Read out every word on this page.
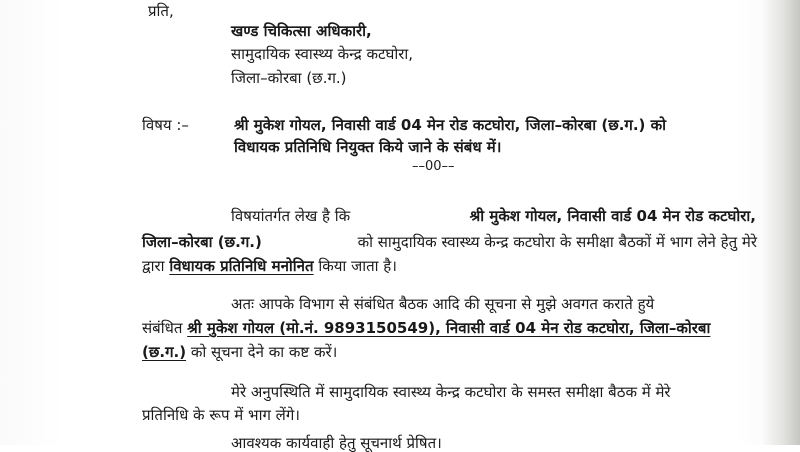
प्रति,
खण्ड चिकित्सा अधिकारी,
सामुदायिक स्वास्थ्य केन्द्र कटघोरा,
जिला–कोरबा (छ.ग.)
विषय :–	श्री मुकेश गोयल, निवासी वार्ड 04 मेन रोड कटघोरा, जिला–कोरबा (छ.ग.) को
विधायक प्रतिनिधि नियुक्त किये जाने के संबंध में।
––00––
विषयांतर्गत लेख है कि	श्री मुकेश गोयल, निवासी वार्ड 04 मेन रोड कटघोरा,
जिला–कोरबा (छ.ग.)	को सामुदायिक स्वास्थ्य केन्द्र कटघोरा के समीक्षा बैठकों में भाग लेने हेतु मेरे
द्वारा विधायक प्रतिनिधि मनोनित किया जाता है।
अतः आपके विभाग से संबंधित बैठक आदि की सूचना से मुझे अवगत कराते हुये
संबंधित श्री मुकेश गोयल (मो.नं. 9893150549), निवासी वार्ड 04 मेन रोड कटघोरा, जिला–कोरबा
(छ.ग.) को सूचना देने का कष्ट करें।
मेरे अनुपस्थिति में सामुदायिक स्वास्थ्य केन्द्र कटघोरा के समस्त समीक्षा बैठक में मेरे
प्रतिनिधि के रूप में भाग लेंगे।
आवश्यक कार्यवाही हेतु सूचनार्थ प्रेषित।
